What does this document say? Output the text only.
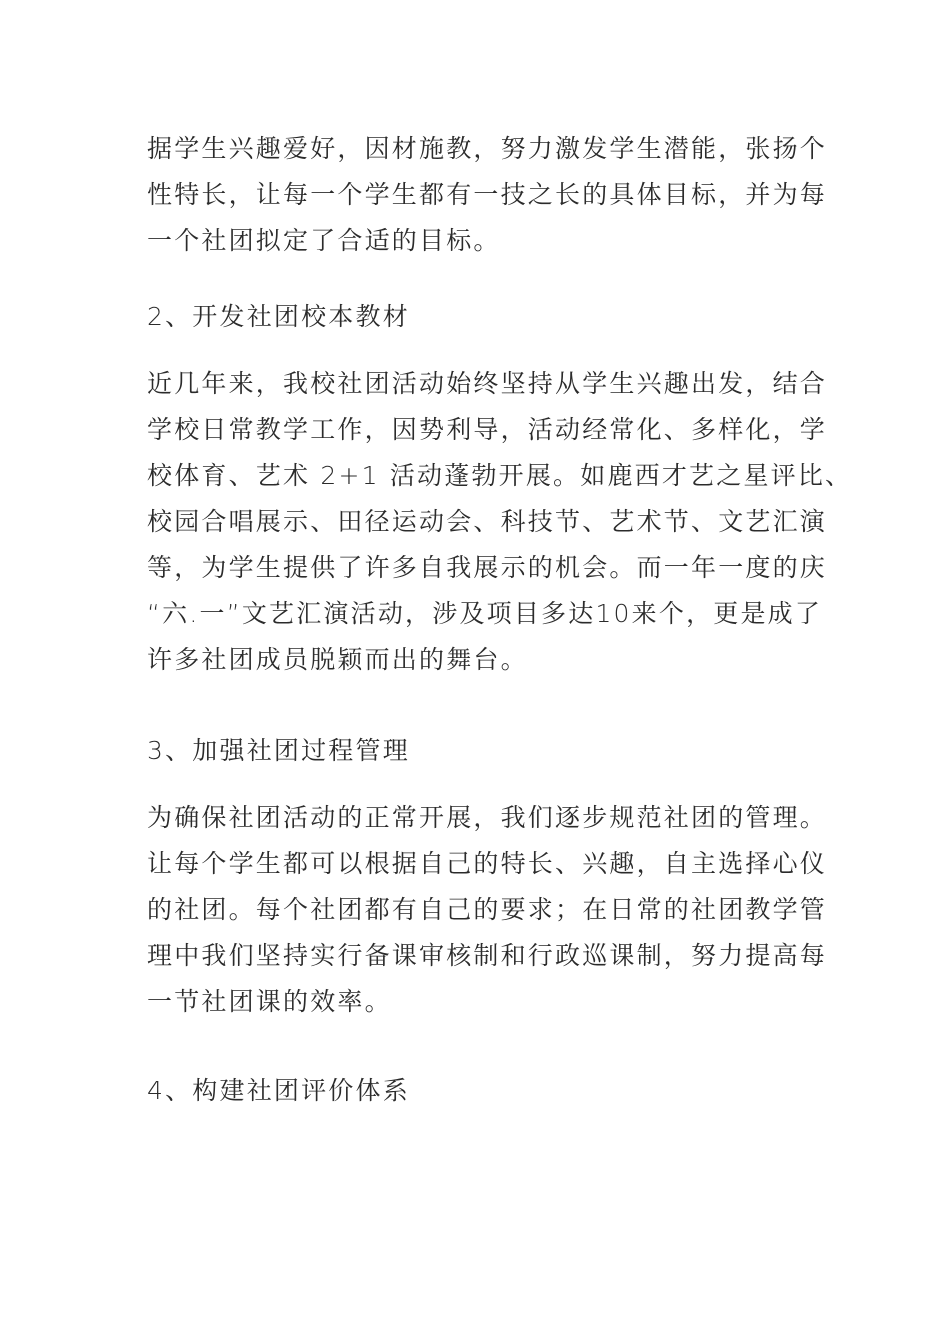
据学生兴趣爱好，因材施教，努力激发学生潜能，张扬个
性特长，让每一个学生都有一技之长的具体目标，并为每
一个社团拟定了合适的目标。
2、开发社团校本教材
近几年来，我校社团活动始终坚持从学生兴趣出发，结合
学校日常教学工作，因势利导，活动经常化、多样化，学
校体育、艺术 2+1 活动蓬勃开展。如鹿西才艺之星评比、
校园合唱展示、田径运动会、科技节、艺术节、文艺汇演
等，为学生提供了许多自我展示的机会。而一年一度的庆
“六.一”文艺汇演活动，涉及项目多达10来个，更是成了
许多社团成员脱颖而出的舞台。
3、加强社团过程管理
为确保社团活动的正常开展，我们逐步规范社团的管理。
让每个学生都可以根据自己的特长、兴趣，自主选择心仪
的社团。每个社团都有自己的要求；在日常的社团教学管
理中我们坚持实行备课审核制和行政巡课制，努力提高每
一节社团课的效率。
4、构建社团评价体系
